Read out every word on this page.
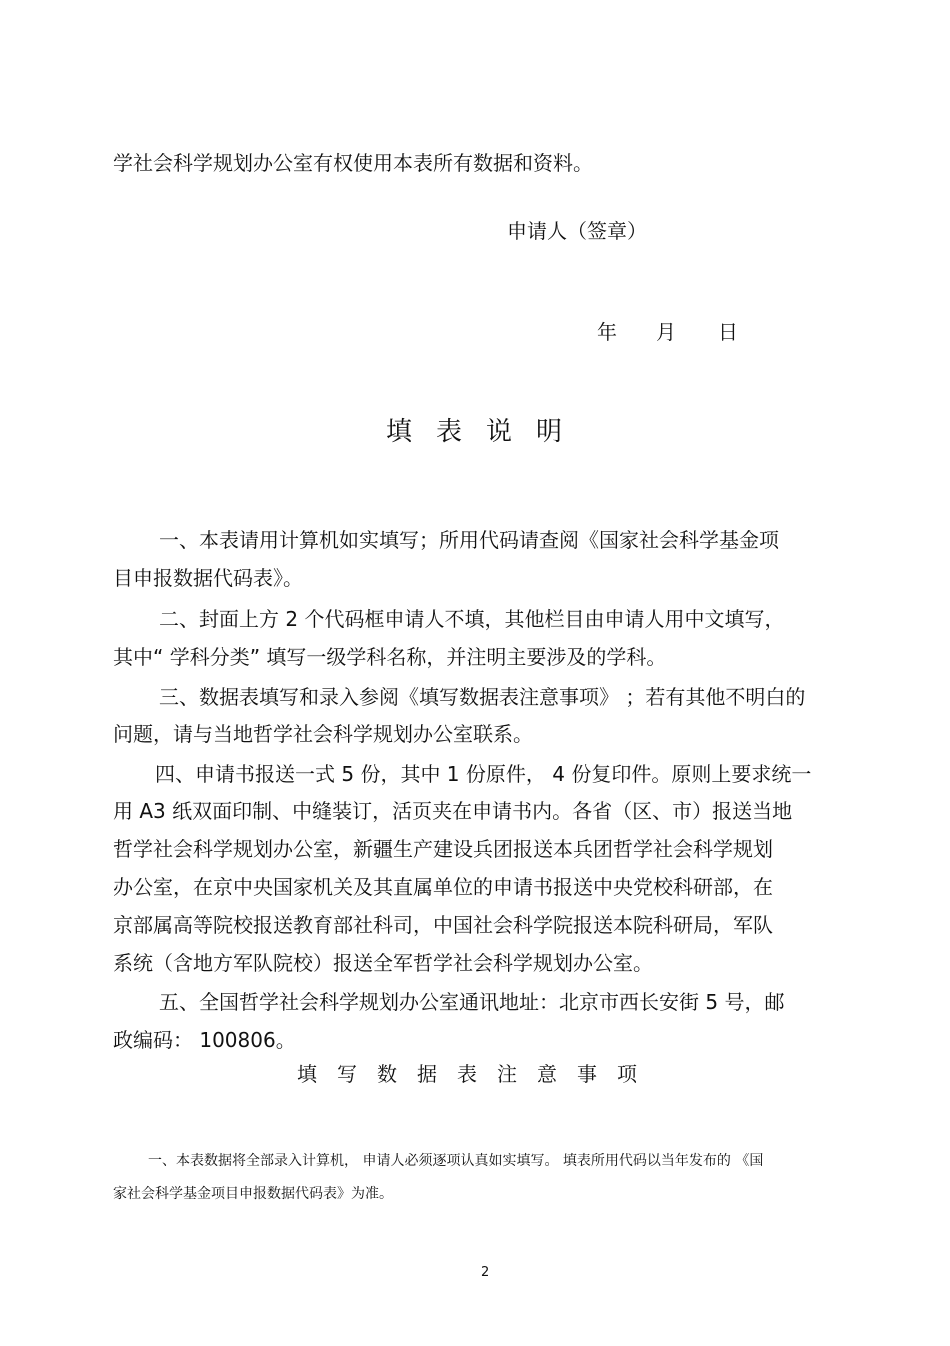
学社会科学规划办公室有权使用本表所有数据和资料。
申请人（签章）
年 月 日
填表说明
一、本表请用计算机如实填写；所用代码请查阅《国家社会科学基金项
目申报数据代码表》。
二、封面上方 2 个代码框申请人不填，其他栏目由申请人用中文填写，
其中“ 学科分类” 填写一级学科名称，并注明主要涉及的学科。
三、数据表填写和录入参阅《填写数据表注意事项》 ；若有其他不明白的
问题，请与当地哲学社会科学规划办公室联系。
四、申请书报送一式 5 份，其中 1 份原件， 4 份复印件。原则上要求统一
用 A3 纸双面印制、中缝装订，活页夹在申请书内。各省（区、市）报送当地
哲学社会科学规划办公室，新疆生产建设兵团报送本兵团哲学社会科学规划
办公室，在京中央国家机关及其直属单位的申请书报送中央党校科研部，在
京部属高等院校报送教育部社科司，中国社会科学院报送本院科研局，军队
系统（含地方军队院校）报送全军哲学社会科学规划办公室。
五、全国哲学社会科学规划办公室通讯地址：北京市西长安街 5 号，邮
政编码： 100806。
填写数据表注意事项
一、本表数据将全部录入计算机， 申请人必须逐项认真如实填写。 填表所用代码以当年发布的 《国
家社会科学基金项目申报数据代码表》为准。
2
